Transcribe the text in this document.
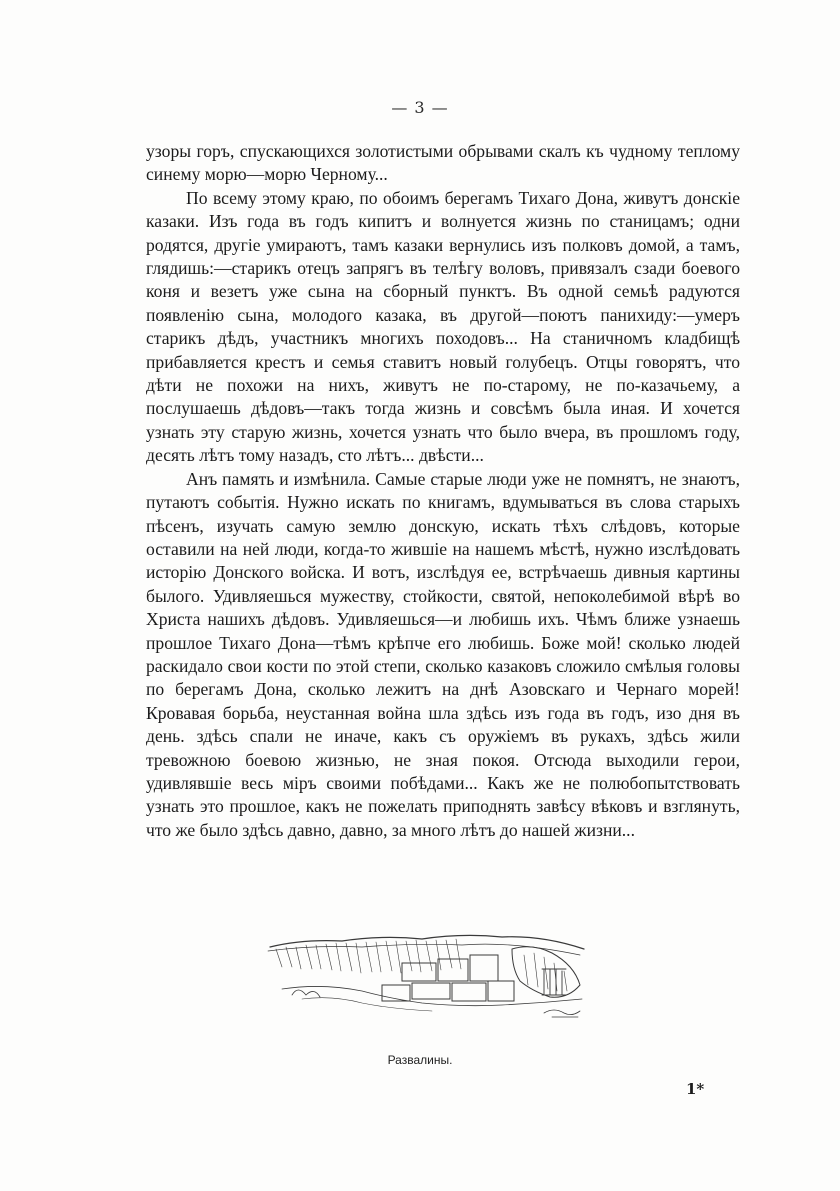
— 3 —

узоры горъ, спускающихся золотистыми обрывами скалъ къ чудному теплому синему морю—морю Черному...

По всему этому краю, по обоимъ берегамъ Тихаго Дона, живутъ донскіе казаки. Изъ года въ годъ кипитъ и волнуется жизнь по станицамъ; одни родятся, другіе умираютъ, тамъ казаки вернулись изъ полковъ домой, а тамъ, глядишь:—старикъ отецъ запрягъ въ телѣгу воловъ, привязалъ сзади боевого коня и везетъ уже сына на сборный пунктъ. Въ одной семьѣ радуются появленію сына, молодого казака, въ другой—поютъ панихиду:—умеръ старикъ дѣдъ, участникъ многихъ походовъ... На станичномъ кладбищѣ прибавляется крестъ и семья ставитъ новый голубецъ. Отцы говорятъ, что дѣти не похожи на нихъ, живутъ не по-старому, не по-казачьему, а послушаешь дѣдовъ—такъ тогда жизнь и совсѣмъ была иная. И хочется узнать эту старую жизнь, хочется узнать что было вчера, въ прошломъ году, десять лѣтъ тому назадъ, сто лѣтъ... двѣсти...

Анъ память и измѣнила. Самые старые люди уже не помнятъ, не знаютъ, путаютъ событія. Нужно искать по книгамъ, вдумываться въ слова старыхъ пѣсенъ, изучать самую землю донскую, искать тѣхъ слѣдовъ, которые оставили на ней люди, когда-то жившіе на нашемъ мѣстѣ, нужно изслѣдовать исторію Донского войска. И вотъ, изслѣдуя ее, встрѣчаешь дивныя картины былого. Удивляешься мужеству, стойкости, святой, непоколебимой вѣрѣ во Христа нашихъ дѣдовъ. Удивляешься—и любишь ихъ. Чѣмъ ближе узнаешь прошлое Тихаго Дона—тѣмъ крѣпче его любишь. Боже мой! сколько людей раскидало свои кости по этой степи, сколько казаковъ сложило смѣлыя головы по берегамъ Дона, сколько лежитъ на днѣ Азовскаго и Чернаго морей! Кровавая борьба, неустанная война шла здѣсь изъ года въ годъ, изо дня въ день. здѣсь спали не иначе, какъ съ оружіемъ въ рукахъ, здѣсь жили тревожною боевою жизнью, не зная покоя. Отсюда выходили герои, удивлявшіе весь міръ своими побѣдами... Какъ же не полюбопытствовать узнать это прошлое, какъ не пожелать приподнять завѣсу вѣковъ и взглянуть, что же было здѣсь давно, давно, за много лѣтъ до нашей жизни...

Развалины.
1*
